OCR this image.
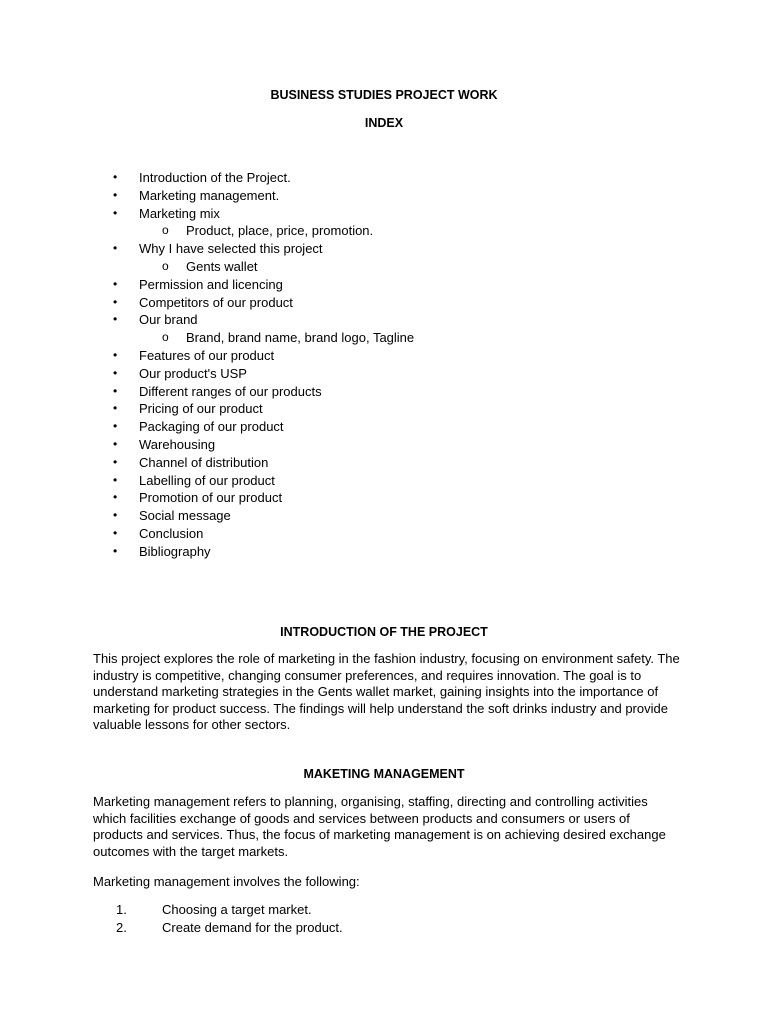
BUSINESS STUDIES PROJECT WORK
INDEX
• Introduction of the Project.
• Marketing management.
• Marketing mix
o Product, place, price, promotion.
• Why I have selected this project
o Gents wallet
• Permission and licencing
• Competitors of our product
• Our brand
o Brand, brand name, brand logo, Tagline
• Features of our product
• Our product's USP
• Different ranges of our products
• Pricing of our product
• Packaging of our product
• Warehousing
• Channel of distribution
• Labelling of our product
• Promotion of our product
• Social message
• Conclusion
• Bibliography
INTRODUCTION OF THE PROJECT

This project explores the role of marketing in the fashion industry, focusing on environment safety. The industry is competitive, changing consumer preferences, and requires innovation. The goal is to understand marketing strategies in the Gents wallet market, gaining insights into the importance of marketing for product success. The findings will help understand the soft drinks industry and provide valuable lessons for other sectors.

MAKETING MANAGEMENT

Marketing management refers to planning, organising, staffing, directing and controlling activities which facilities exchange of goods and services between products and consumers or users of products and services. Thus, the focus of marketing management is on achieving desired exchange outcomes with the target markets.

Marketing management involves the following:

1.	Choosing a target market.
2.	Create demand for the product.
